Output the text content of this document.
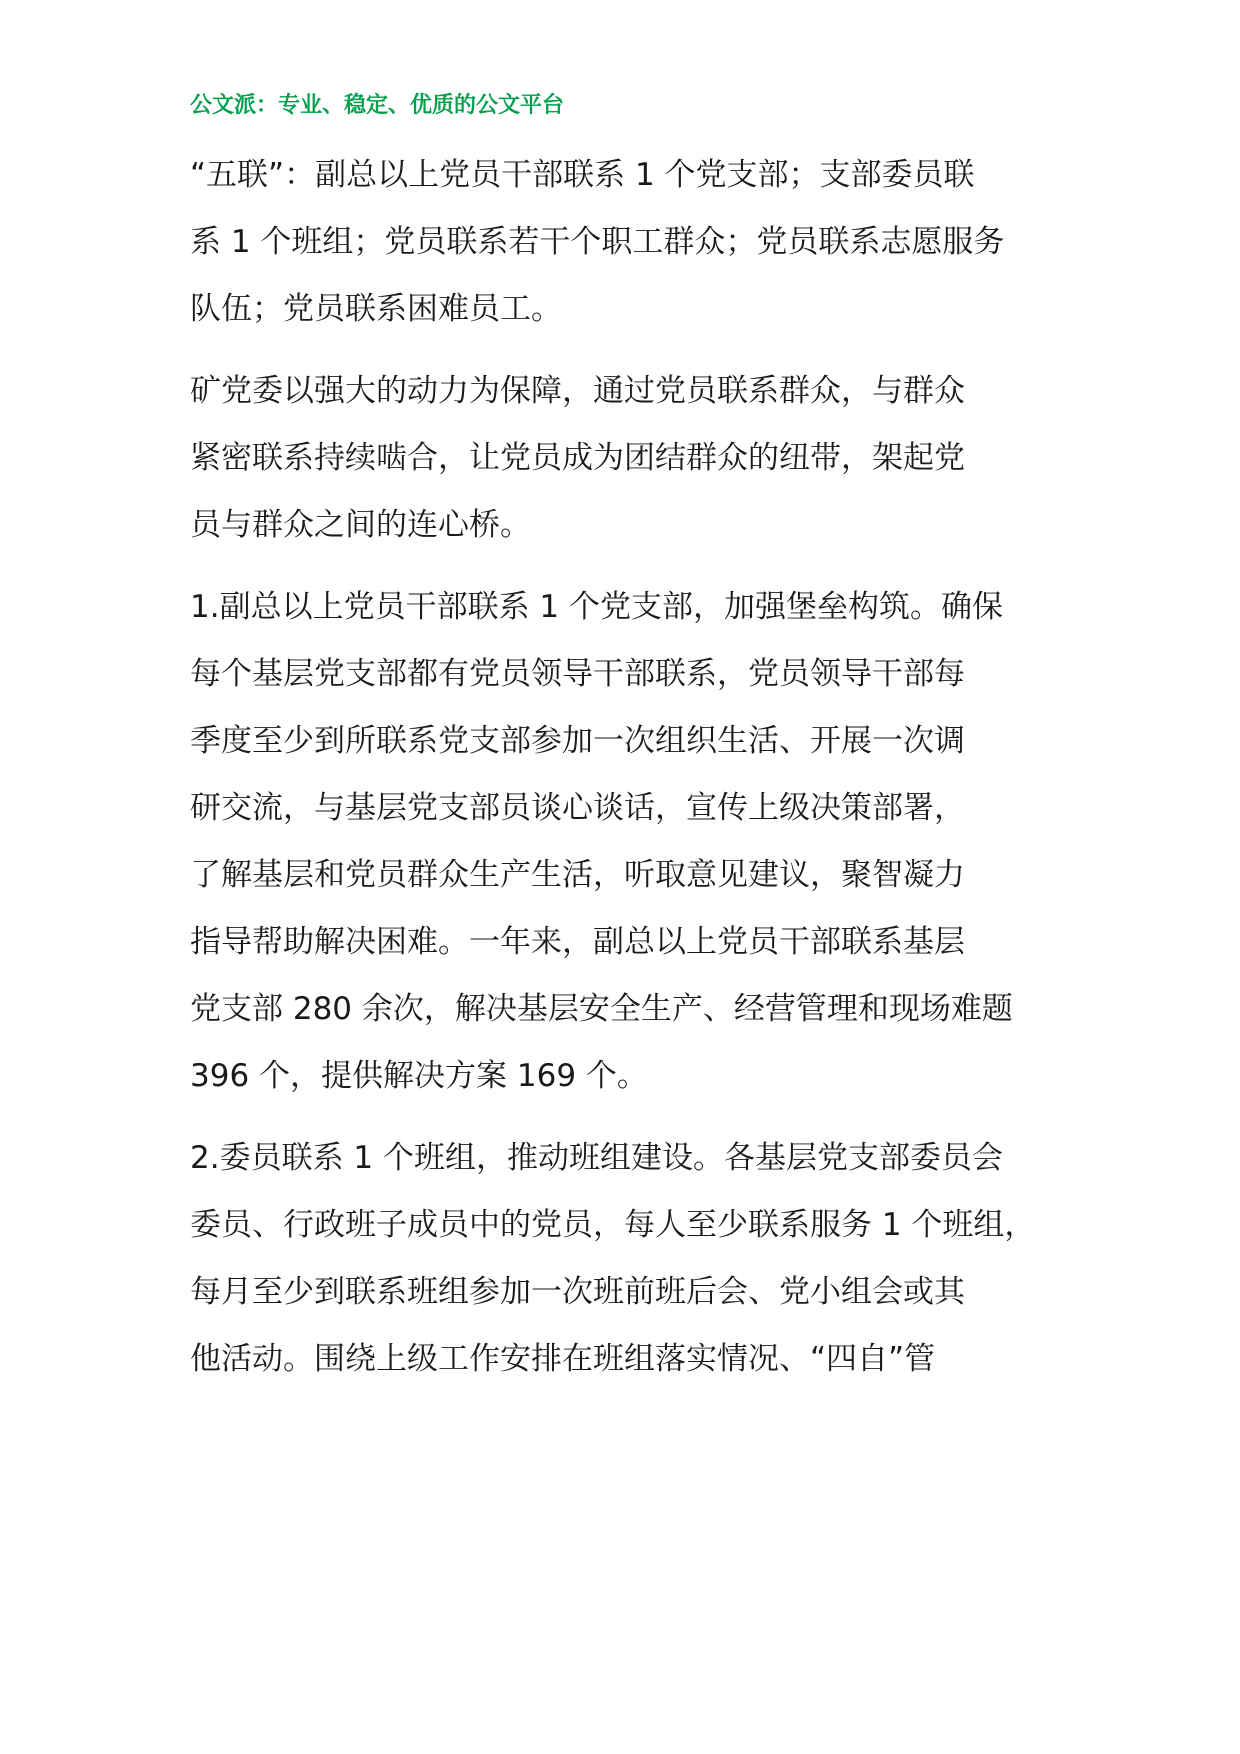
公文派：专业、稳定、优质的公文平台
“五联”：副总以上党员干部联系 1 个党支部；支部委员联
系 1 个班组；党员联系若干个职工群众；党员联系志愿服务
队伍；党员联系困难员工。
矿党委以强大的动力为保障，通过党员联系群众，与群众
紧密联系持续啮合，让党员成为团结群众的纽带，架起党
员与群众之间的连心桥。
1.副总以上党员干部联系 1 个党支部，加强堡垒构筑。确保
每个基层党支部都有党员领导干部联系，党员领导干部每
季度至少到所联系党支部参加一次组织生活、开展一次调
研交流，与基层党支部员谈心谈话，宣传上级决策部署，
了解基层和党员群众生产生活，听取意见建议，聚智凝力
指导帮助解决困难。一年来，副总以上党员干部联系基层
党支部 280 余次，解决基层安全生产、经营管理和现场难题
396 个，提供解决方案 169 个。
2.委员联系 1 个班组，推动班组建设。各基层党支部委员会
委员、行政班子成员中的党员，每人至少联系服务 1 个班组，
每月至少到联系班组参加一次班前班后会、党小组会或其
他活动。围绕上级工作安排在班组落实情况、“四自”管
